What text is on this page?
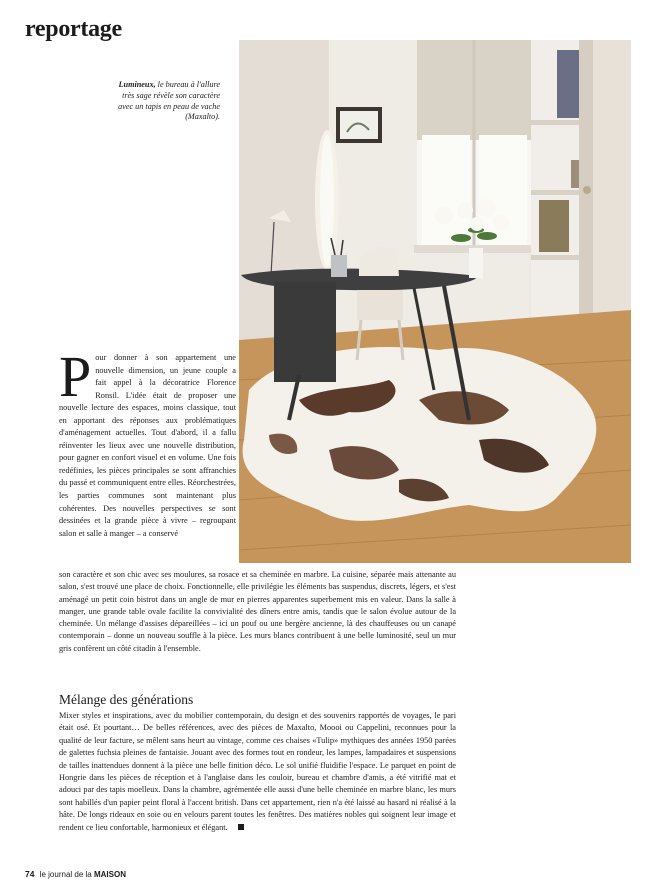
reportage
Lumineux, le bureau à l'allure très sage révèle son caractère avec un tapis en peau de vache (Maxalto).
Pour donner à son appartement une nouvelle dimension, un jeune couple a fait appel à la décoratrice Florence Ronsil. L'idée était de proposer une nouvelle lecture des espaces, moins classique, tout en apportant des réponses aux problématiques d'aménagement actuelles. Tout d'abord, il a fallu réinventer les lieux avec une nouvelle distribution, pour gagner en confort visuel et en volume. Une fois redéfinies, les pièces principales se sont affranchies du passé et communiquent entre elles. Réorchestrées, les parties communes sont maintenant plus cohérentes. Des nouvelles perspectives se sont dessinées et la grande pièce à vivre – regroupant salon et salle à manger – a conservé
son caractère et son chic avec ses moulures, sa rosace et sa cheminée en marbre. La cuisine, séparée mais attenante au salon, s'est trouvé une place de choix. Fonctionnelle, elle privilégie les éléments bas suspendus, discrets, légers, et s'est aménagé un petit coin bistrot dans un angle de mur en pierres apparentes superbement mis en valeur. Dans la salle à manger, une grande table ovale facilite la convivialité des dîners entre amis, tandis que le salon évolue autour de la cheminée. Un mélange d'assises dépareillées – ici un pouf ou une bergère ancienne, là des chauffeuses ou un canapé contemporain – donne un nouveau souffle à la pièce. Les murs blancs contribuent à une belle luminosité, seul un mur gris confèrent un côté citadin à l'ensemble.
Mélange des générations
Mixer styles et inspirations, avec du mobilier contemporain, du design et des souvenirs rapportés de voyages, le pari était osé. Et pourtant… De belles références, avec des pièces de Maxalto, Moooi ou Cappelini, reconnues pour la qualité de leur facture, se mêlent sans heurt au vintage, comme ces chaises «Tulip» mythiques des années 1950 parées de galettes fuchsia pleines de fantaisie. Jouant avec des formes tout en rondeur, les lampes, lampadaires et suspensions de tailles inattendues donnent à la pièce une belle finition déco. Le sol unifié fluidifie l'espace. Le parquet en point de Hongrie dans les pièces de réception et à l'anglaise dans les couloir, bureau et chambre d'amis, a été vitrifié mat et adouci par des tapis moelleux. Dans la chambre, agrémentée elle aussi d'une belle cheminée en marbre blanc, les murs sont habillés d'un papier peint floral à l'accent british. Dans cet appartement, rien n'a été laissé au hasard ni réalisé à la hâte. De longs rideaux en soie ou en velours parent toutes les fenêtres. Des matières nobles qui soignent leur image et rendent ce lieu confortable, harmonieux et élégant.
74 le journal de la MAISON
